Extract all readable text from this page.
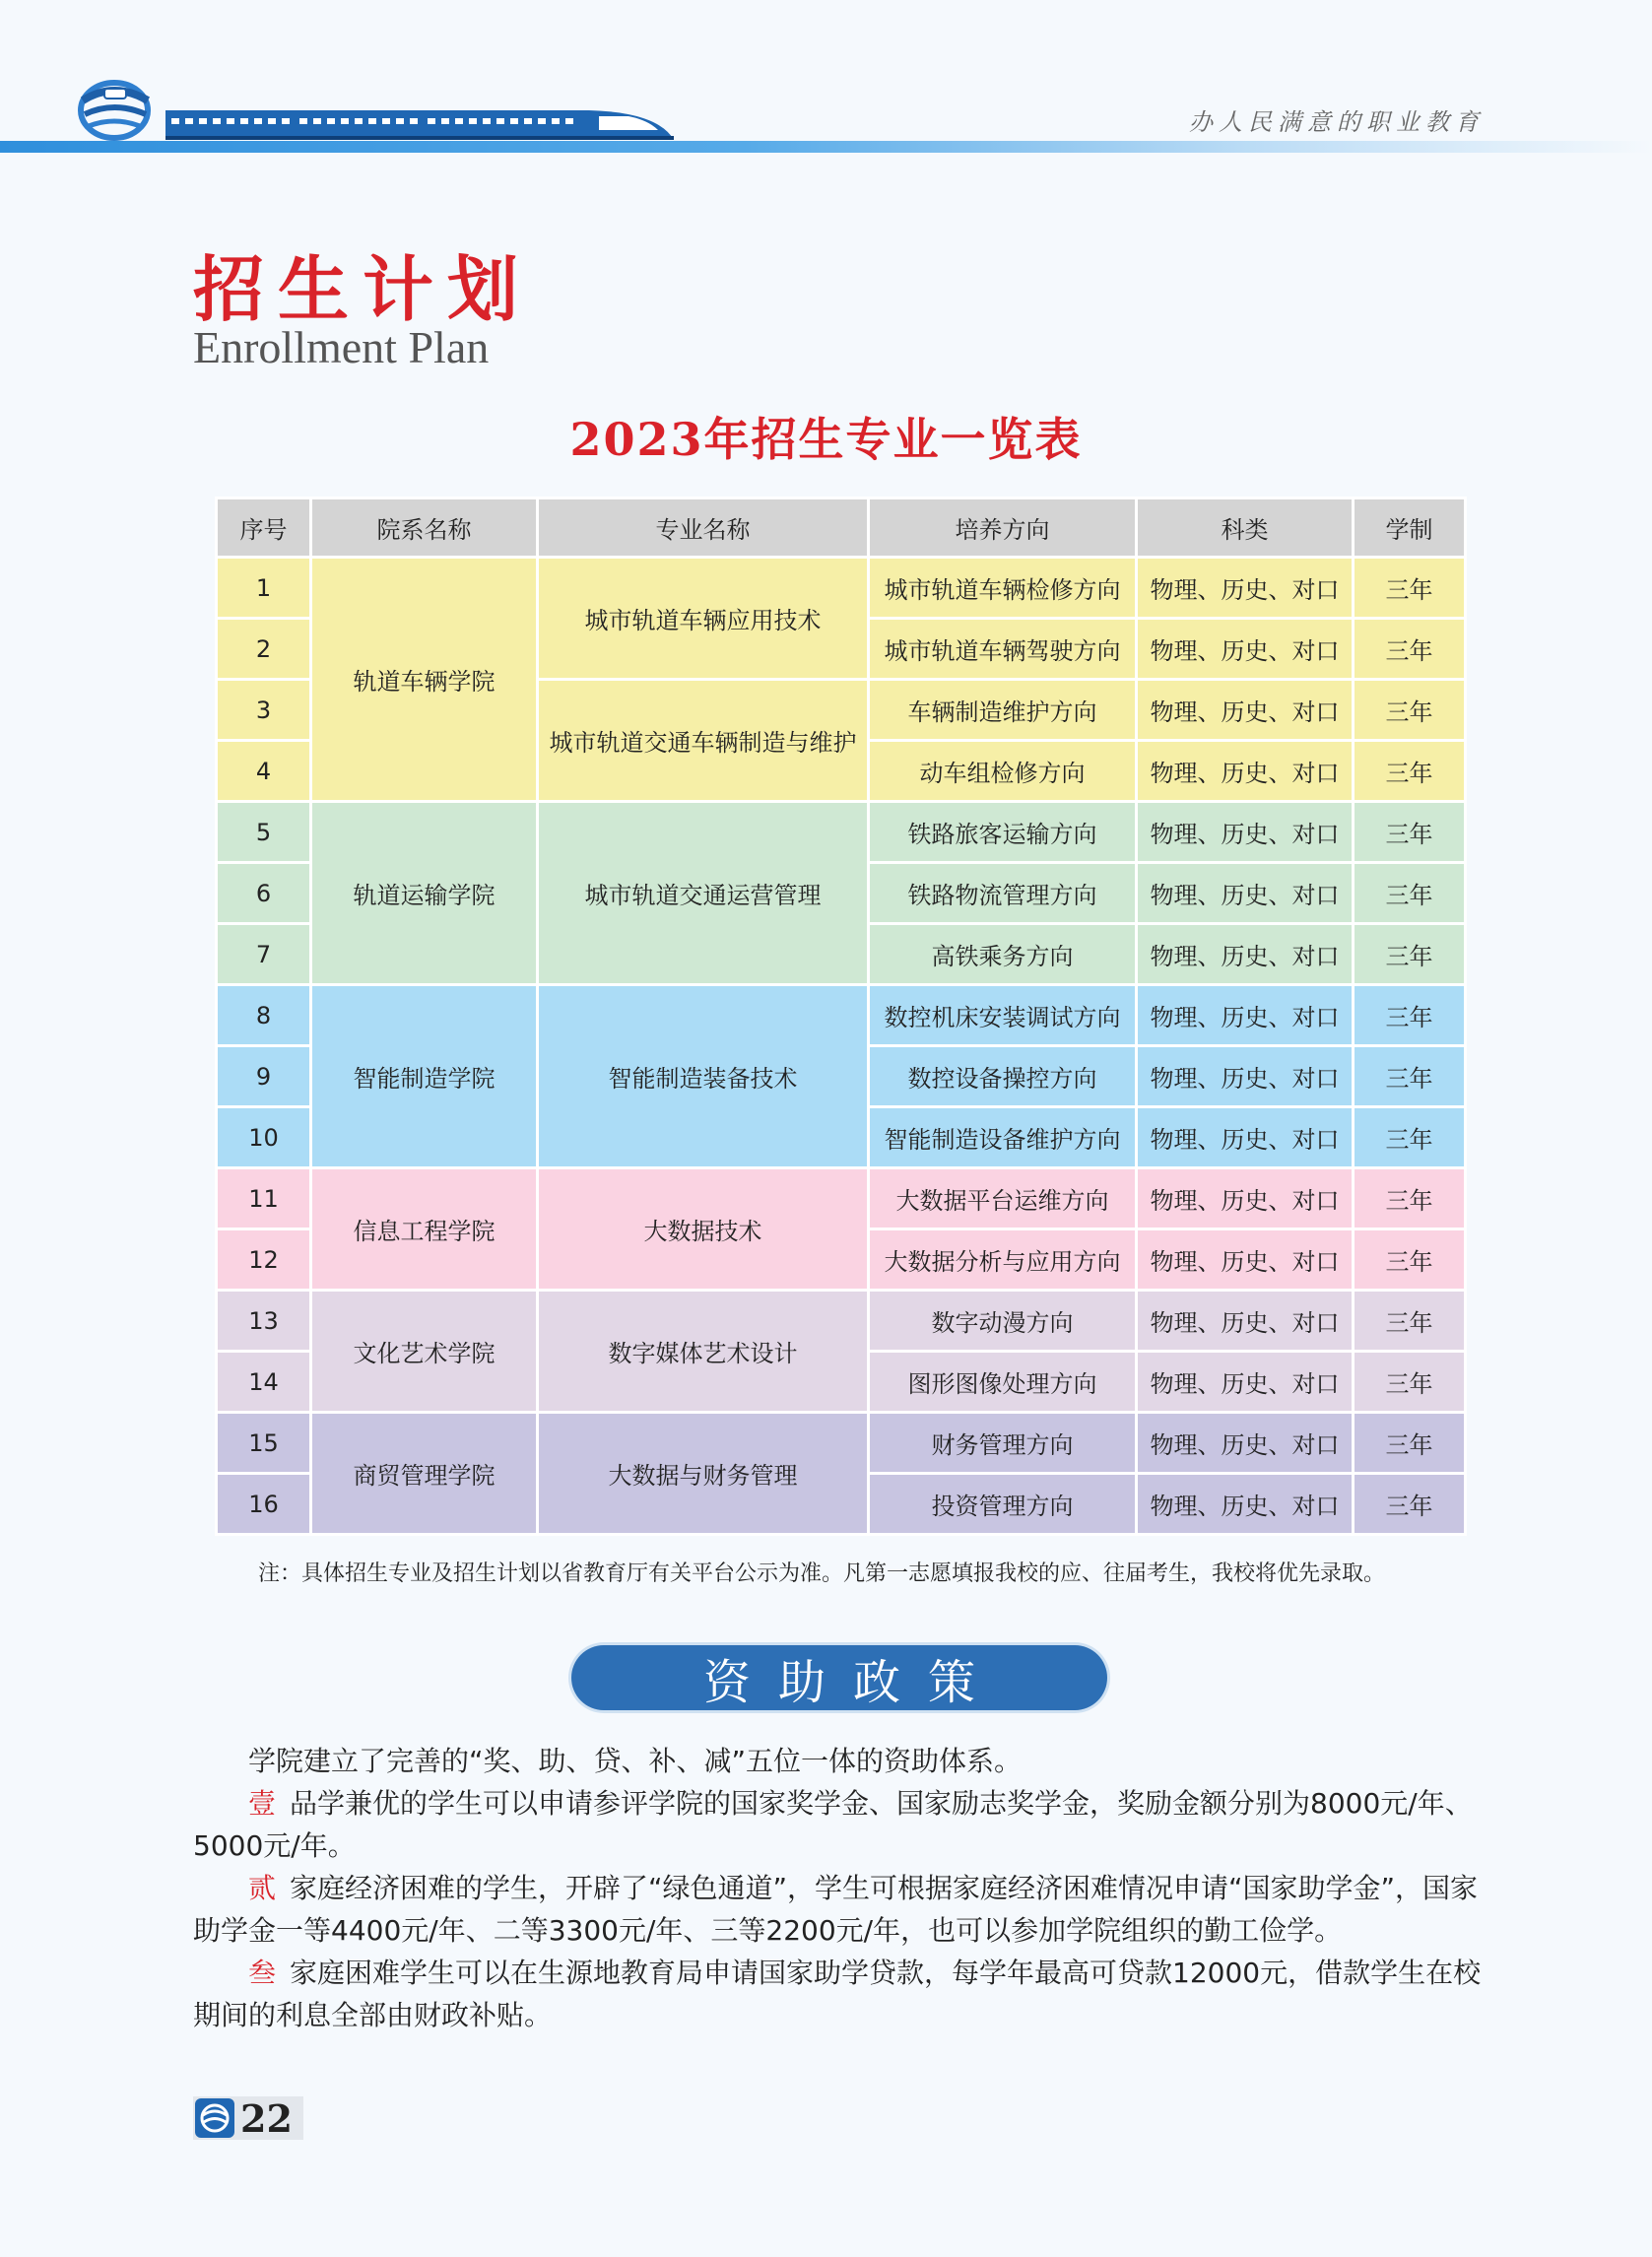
办人民满意的职业教育
招生计划
Enrollment Plan
2023年招生专业一览表
序号	院系名称	专业名称	培养方向	科类	学制
1	轨道车辆学院	城市轨道车辆应用技术	城市轨道车辆检修方向	物理、历史、对口	三年
2			城市轨道车辆驾驶方向	物理、历史、对口	三年
3		城市轨道交通车辆制造与维护	车辆制造维护方向	物理、历史、对口	三年
4			动车组检修方向	物理、历史、对口	三年
5	轨道运输学院	城市轨道交通运营管理	铁路旅客运输方向	物理、历史、对口	三年
6			铁路物流管理方向	物理、历史、对口	三年
7			高铁乘务方向	物理、历史、对口	三年
8	智能制造学院	智能制造装备技术	数控机床安装调试方向	物理、历史、对口	三年
9			数控设备操控方向	物理、历史、对口	三年
10			智能制造设备维护方向	物理、历史、对口	三年
11	信息工程学院	大数据技术	大数据平台运维方向	物理、历史、对口	三年
12			大数据分析与应用方向	物理、历史、对口	三年
13	文化艺术学院	数字媒体艺术设计	数字动漫方向	物理、历史、对口	三年
14			图形图像处理方向	物理、历史、对口	三年
15	商贸管理学院	大数据与财务管理	财务管理方向	物理、历史、对口	三年
16			投资管理方向	物理、历史、对口	三年
注：具体招生专业及招生计划以省教育厅有关平台公示为准。凡第一志愿填报我校的应、往届考生，我校将优先录取。
资助政策

学院建立了完善的“奖、助、贷、补、减”五位一体的资助体系。

壹 品学兼优的学生可以申请参评学院的国家奖学金、国家励志奖学金，奖励金额分别为8000元/年、5000元/年。

贰 家庭经济困难的学生，开辟了“绿色通道”，学生可根据家庭经济困难情况申请“国家助学金”，国家助学金一等4400元/年、二等3300元/年、三等2200元/年，也可以参加学院组织的勤工俭学。

叁 家庭困难学生可以在生源地教育局申请国家助学贷款，每学年最高可贷款12000元，借款学生在校期间的利息全部由财政补贴。

22
